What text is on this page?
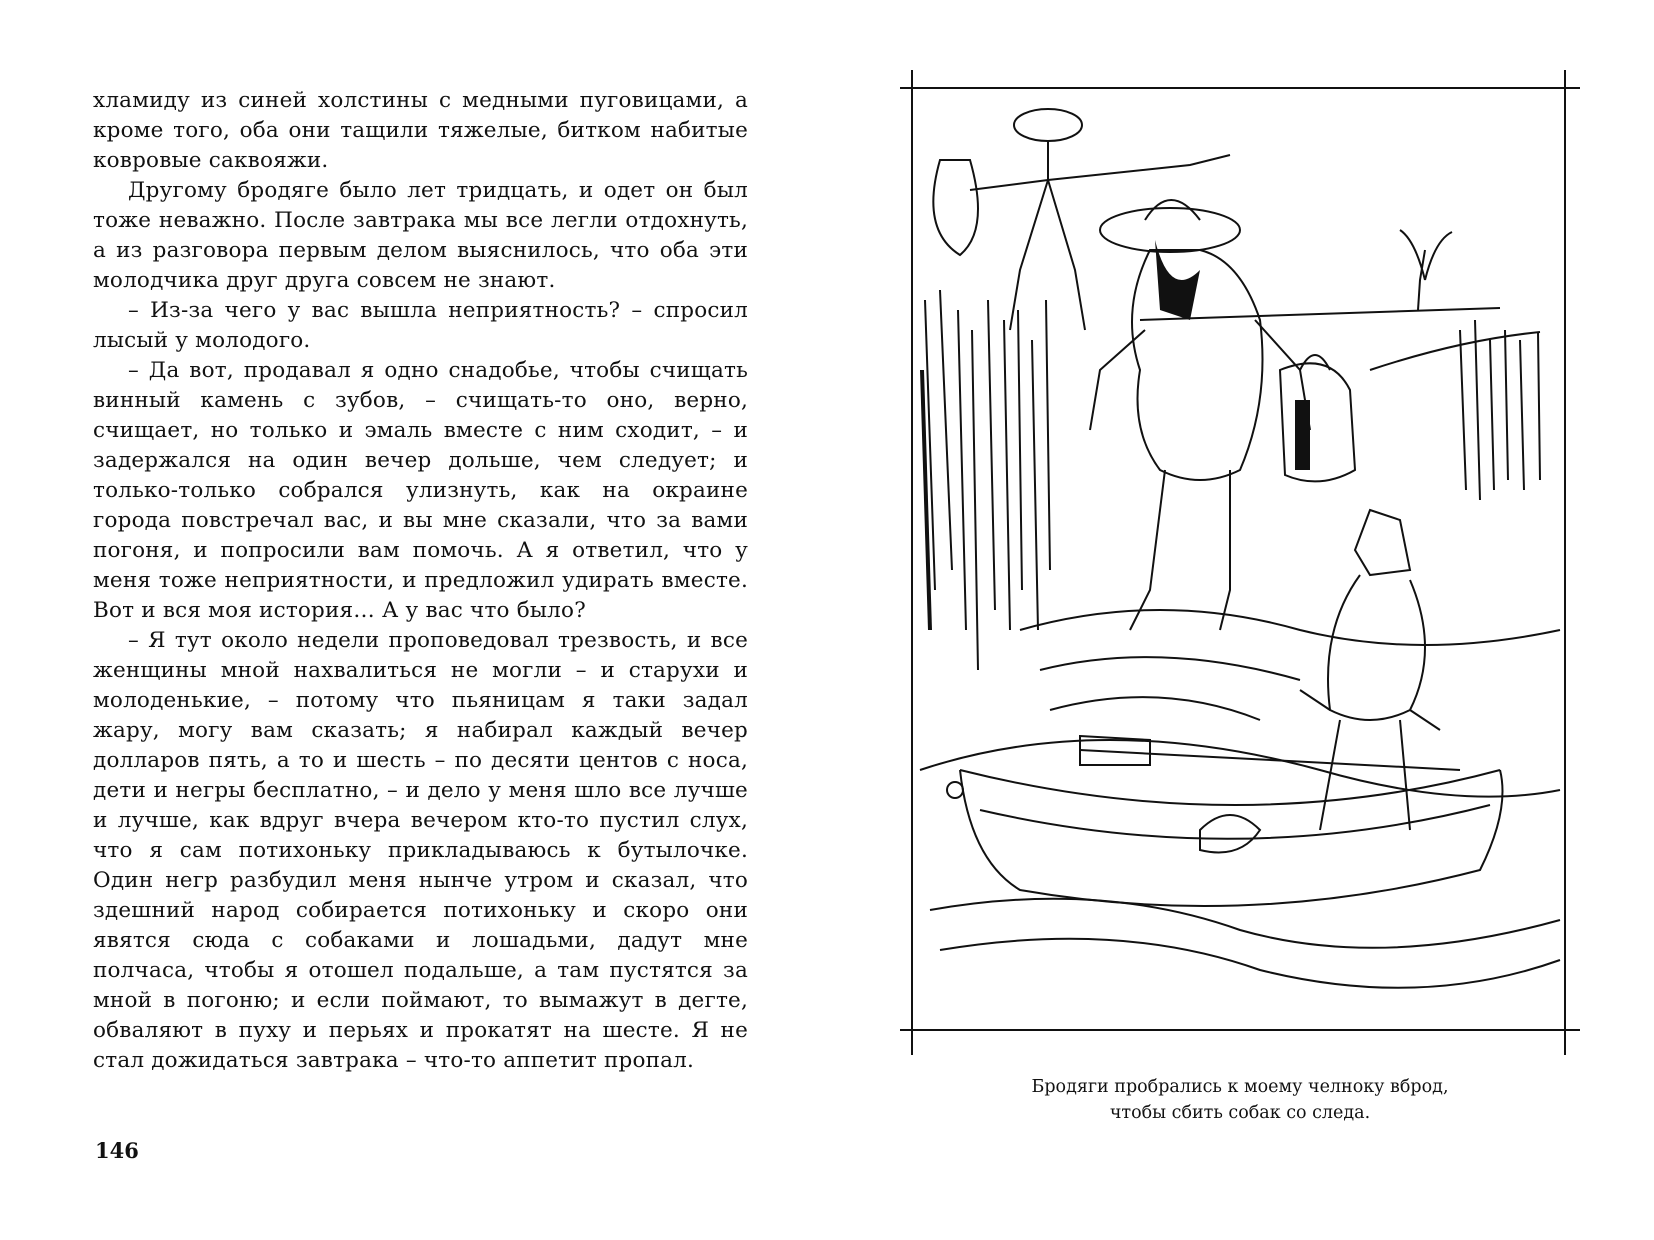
хламиду из синей холстины с медными пуговицами, а кроме того, оба они тащили тяжелые, битком набитые ковровые саквояжи.

Другому бродяге было лет тридцать, и одет он был тоже неважно. После завтрака мы все легли отдохнуть, а из разговора первым делом выяснилось, что оба эти молодчика друг друга совсем не знают.

– Из-за чего у вас вышла неприятность? – спросил лысый у молодого.

– Да вот, продавал я одно снадобье, чтобы счищать винный камень с зубов, – счищать-то оно, верно, счищает, но только и эмаль вместе с ним сходит, – и задержался на один вечер дольше, чем следует; и только-только собрался улизнуть, как на окраине города повстречал вас, и вы мне сказали, что за вами погоня, и попросили вам помочь. А я ответил, что у меня тоже неприятности, и предложил удирать вместе. Вот и вся моя история… А у вас что было?

– Я тут около недели проповедовал трезвость, и все женщины мной нахвалиться не могли – и старухи и молоденькие, – потому что пьяницам я таки задал жару, могу вам сказать; я набирал каждый вечер долларов пять, а то и шесть – по десяти центов с носа, дети и негры бесплатно, – и дело у меня шло все лучше и лучше, как вдруг вчера вечером кто-то пустил слух, что я сам потихоньку прикладываюсь к бутылочке. Один негр разбудил меня нынче утром и сказал, что здешний народ собирается потихоньку и скоро они явятся сюда с собаками и лошадьми, дадут мне полчаса, чтобы я отошел подальше, а там пустятся за мной в погоню; и если поймают, то вымажут в дегте, обваляют в пуху и перьях и прокатят на шесте. Я не стал дожидаться завтрака – что-то аппетит пропал.

146
Бродяги пробрались к моему челноку вброд,
чтобы сбить собак со следа.
